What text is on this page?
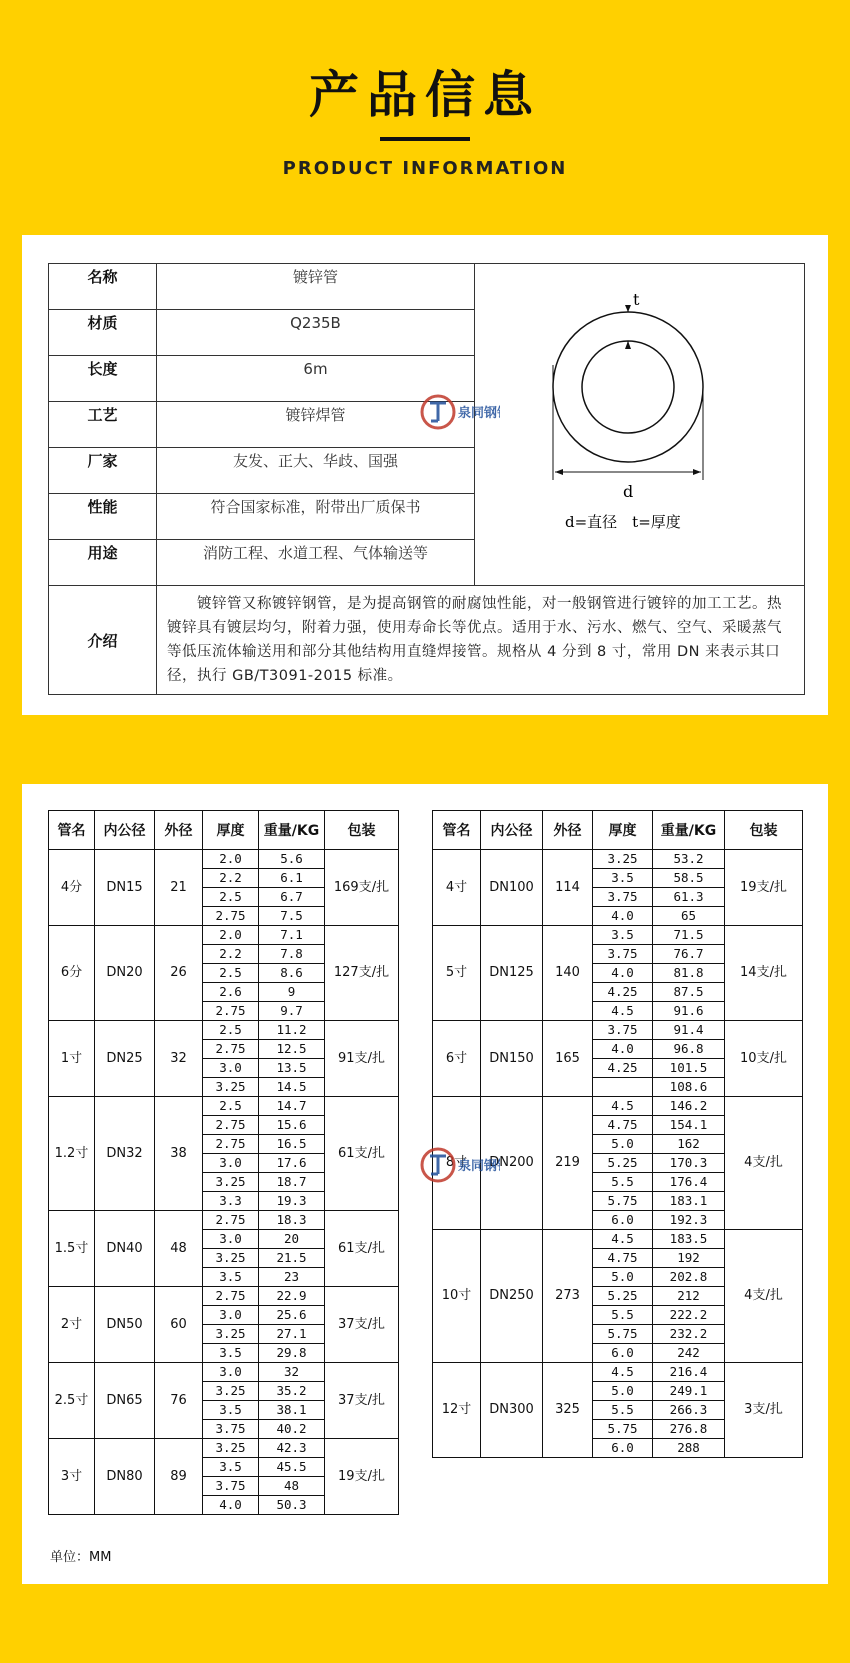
产品信息
PRODUCT INFORMATION
名称	镀锌管	t
d
d=直径　t=厚度

材质	Q235B	
长度	6m	
工艺	镀锌焊管	
厂家	友发、正大、华歧、国强	
性能	符合国家标准，附带出厂质保书	
用途	消防工程、水道工程、气体输送等	
介绍	　　镀锌管又称镀锌钢管，是为提高钢管的耐腐蚀性能，对一般钢管进行镀锌的加工工艺。热镀锌具有镀层均匀，附着力强，使用寿命长等优点。适用于水、污水、燃气、空气、采暖蒸气等低压流体输送用和部分其他结构用直缝焊接管。规格从 4 分到 8 寸，常用 DN 来表示其口径，执行 GB/T3091-2015 标准。	
泉同钢
管名	内公径	外径	厚度	重量/KG	包装
4分	DN15	21	2.0	5.6	169支/扎
			2.2	6.1	
			2.5	6.7	
			2.75	7.5	
6分	DN20	26	2.0	7.1	127支/扎
			2.2	7.8	
			2.5	8.6	
			2.6	9	
			2.75	9.7	
1寸	DN25	32	2.5	11.2	91支/扎
			2.75	12.5	
			3.0	13.5	
			3.25	14.5	
1.2寸	DN32	38	2.5	14.7	61支/扎
			2.75	15.6	
			2.75	16.5	
			3.0	17.6	
			3.25	18.7	
			3.3	19.3	
1.5寸	DN40	48	2.75	18.3	61支/扎
			3.0	20	
			3.25	21.5	
			3.5	23	
2寸	DN50	60	2.75	22.9	37支/扎
			3.0	25.6	
			3.25	27.1	
			3.5	29.8	
2.5寸	DN65	76	3.0	32	37支/扎
			3.25	35.2	
			3.5	38.1	
			3.75	40.2	
3寸	DN80	89	3.25	42.3	19支/扎
			3.5	45.5	
			3.75	48	
			4.0	50.3	
管名	内公径	外径	厚度	重量/KG	包装
4寸	DN100	114	3.25	53.2	19支/扎
			3.5	58.5	
			3.75	61.3	
			4.0	65	
5寸	DN125	140	3.5	71.5	14支/扎
			3.75	76.7	
			4.0	81.8	
			4.25	87.5	
			4.5	91.6	
6寸	DN150	165	3.75	91.4	10支/扎
			4.0	96.8	
			4.25	101.5	
				108.6	
8寸	DN200	219	4.5	146.2	4支/扎
			4.75	154.1	
			5.0	162	
			5.25	170.3	
			5.5	176.4	
			5.75	183.1	
			6.0	192.3	
10寸	DN250	273	4.5	183.5	4支/扎
			4.75	192	
			5.0	202.8	
			5.25	212	
			5.5	222.2	
			5.75	232.2	
			6.0	242	
12寸	DN300	325	4.5	216.4	3支/扎
			5.0	249.1	
			5.5	266.3	
			5.75	276.8	
			6.0	288	
单位：MM
泉同钢
